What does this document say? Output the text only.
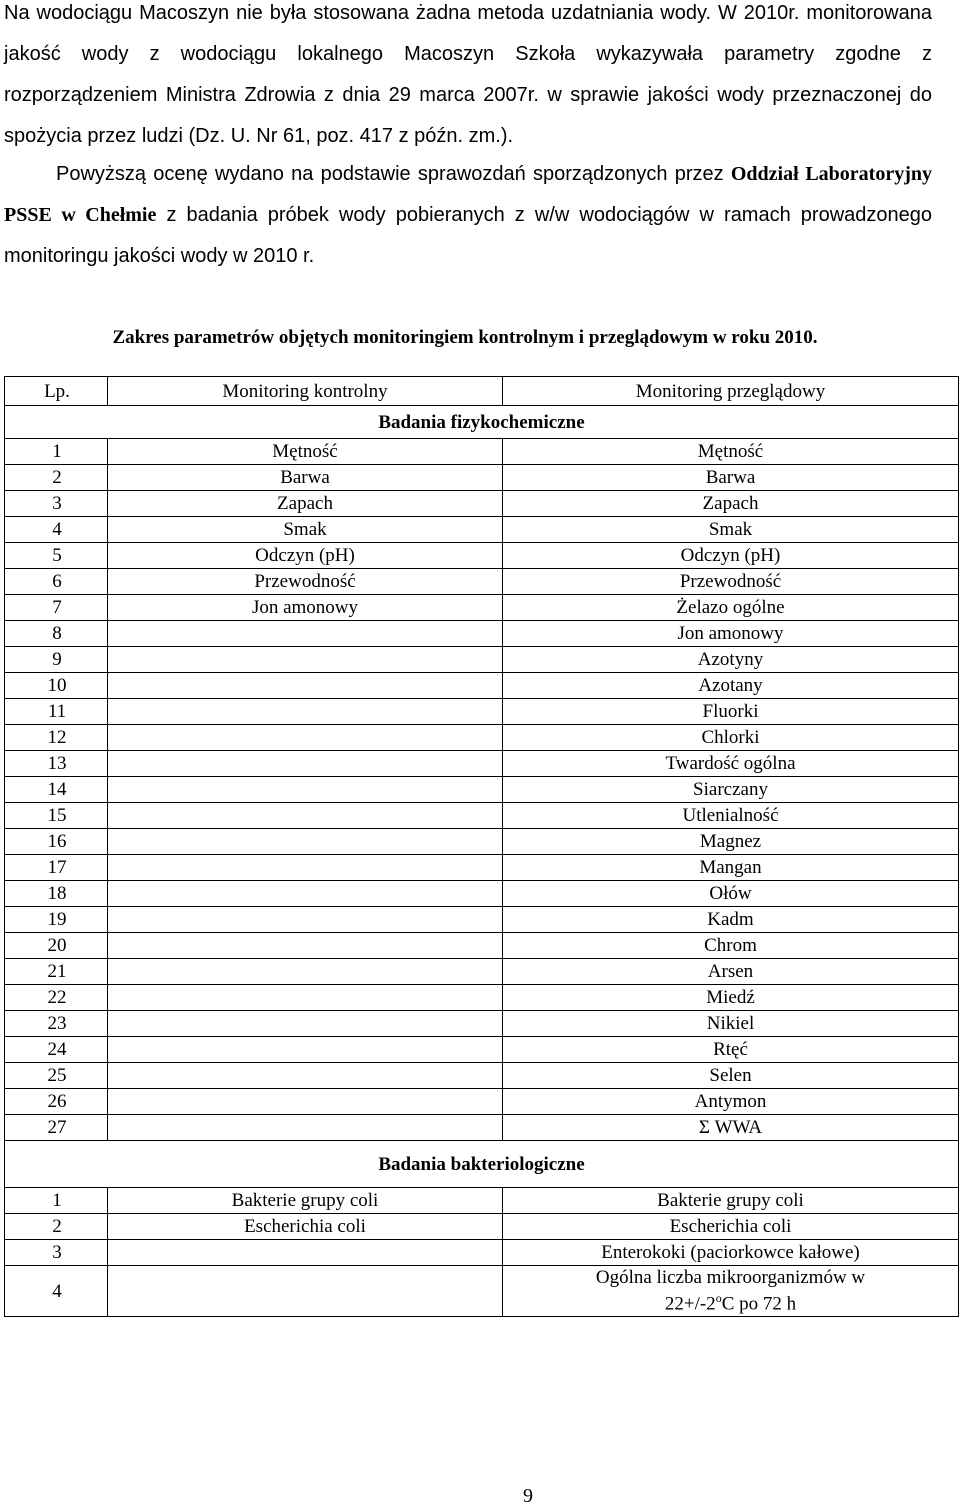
Na wodociągu Macoszyn nie była stosowana żadna metoda uzdatniania wody. W 2010r. monitorowana jakość wody z wodociągu lokalnego Macoszyn Szkoła wykazywała parametry zgodne z rozporządzeniem Ministra Zdrowia z dnia 29 marca 2007r. w sprawie jakości wody przeznaczonej do spożycia przez ludzi (Dz. U. Nr 61, poz. 417 z późn. zm.).
Powyższą ocenę wydano na podstawie sprawozdań sporządzonych przez Oddział Laboratoryjny PSSE w Chełmie z badania próbek wody pobieranych z w/w wodociągów w ramach prowadzonego monitoringu jakości wody w 2010 r.
Zakres parametrów objętych monitoringiem kontrolnym i przeglądowym w roku 2010.
Lp.	Monitoring kontrolny	Monitoring przeglądowy
Badania fizykochemiczne		
1	Mętność	Mętność
2	Barwa	Barwa
3	Zapach	Zapach
4	Smak	Smak
5	Odczyn (pH)	Odczyn (pH)
6	Przewodność	Przewodność
7	Jon amonowy	Żelazo ogólne
8		Jon amonowy
9		Azotyny
10		Azotany
11		Fluorki
12		Chlorki
13		Twardość ogólna
14		Siarczany
15		Utlenialność
16		Magnez
17		Mangan
18		Ołów
19		Kadm
20		Chrom
21		Arsen
22		Miedź
23		Nikiel
24		Rtęć
25		Selen
26		Antymon
27		Σ WWA
Badania bakteriologiczne		
1	Bakterie grupy coli	Bakterie grupy coli
2	Escherichia coli	Escherichia coli
3		Enterokoki (paciorkowce kałowe)
4		Ogólna liczba mikroorganizmów w
$22+/-2^oC$ po 72 h
9
